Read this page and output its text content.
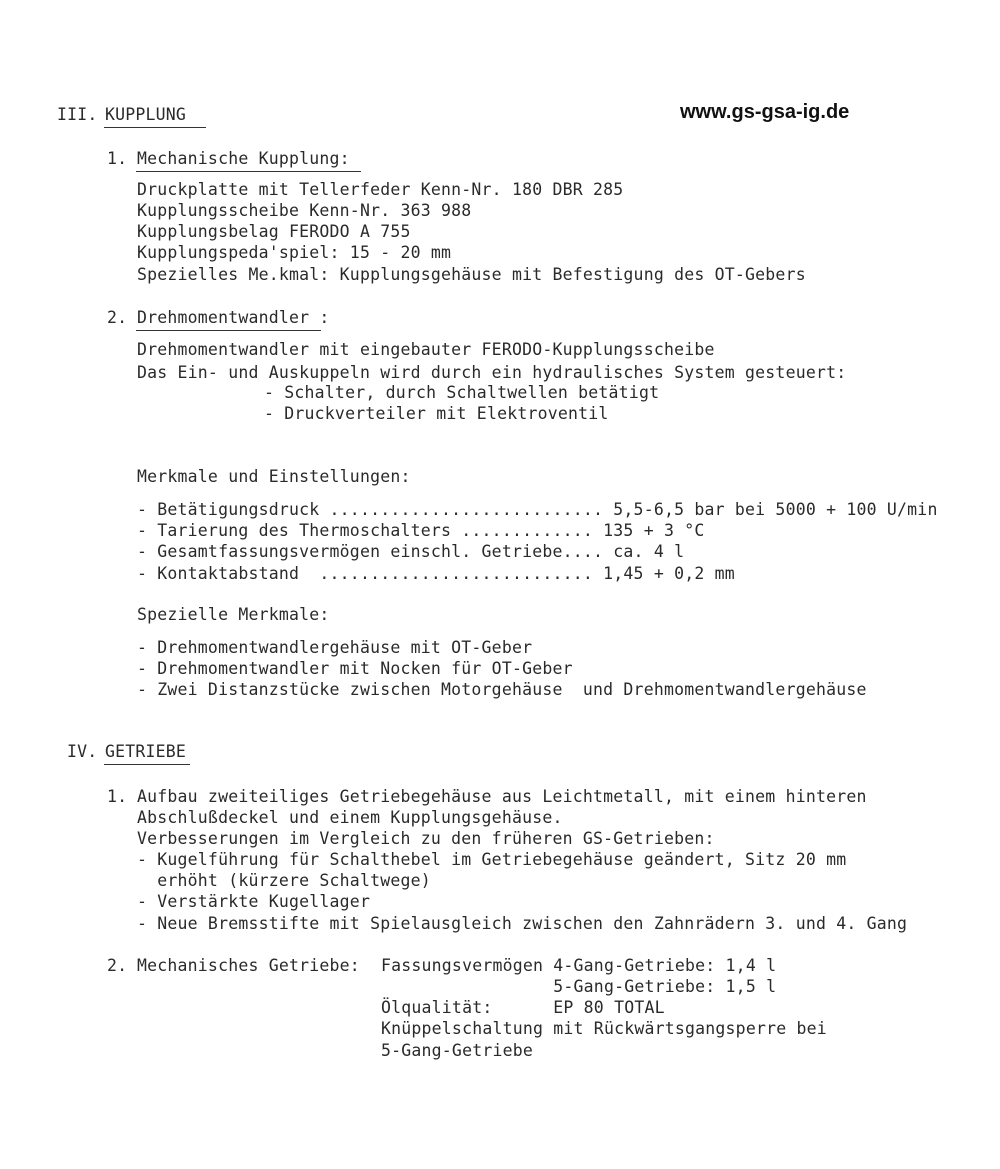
www.gs-gsa-ig.de
III. KUPPLUNG
1. Mechanische Kupplung:
Druckplatte mit Tellerfeder Kenn-Nr. 180 DBR 285
Kupplungsscheibe Kenn-Nr. 363 988
Kupplungsbelag FERODO A 755
Kupplungspeda'spiel: 15 - 20 mm
Spezielles Me.kmal: Kupplungsgehäuse mit Befestigung des OT-Gebers
2. Drehmomentwandler :
Drehmomentwandler mit eingebauter FERODO-Kupplungsscheibe
Das Ein- und Auskuppeln wird durch ein hydraulisches System gesteuert:
- Schalter, durch Schaltwellen betätigt
- Druckverteiler mit Elektroventil
Merkmale und Einstellungen:
- Betätigungsdruck ........................... 5,5-6,5 bar bei 5000 + 100 U/min
- Tarierung des Thermoschalters ............. 135 + 3 °C
- Gesamtfassungsvermögen einschl. Getriebe.... ca. 4 l
- Kontaktabstand  ........................... 1,45 + 0,2 mm
Spezielle Merkmale:
- Drehmomentwandlergehäuse mit OT-Geber
- Drehmomentwandler mit Nocken für OT-Geber
- Zwei Distanzstücke zwischen Motorgehäuse  und Drehmomentwandlergehäuse
IV. GETRIEBE
1. Aufbau zweiteiliges Getriebegehäuse aus Leichtmetall, mit einem hinteren
Abschlußdeckel und einem Kupplungsgehäuse.
Verbesserungen im Vergleich zu den früheren GS-Getrieben:
- Kugelführung für Schalthebel im Getriebegehäuse geändert, Sitz 20 mm
erhöht (kürzere Schaltwege)
- Verstärkte Kugellager
- Neue Bremsstifte mit Spielausgleich zwischen den Zahnrädern 3. und 4. Gang
2. Mechanisches Getriebe: Fassungsvermögen 4-Gang-Getriebe: 1,4 l
5-Gang-Getriebe: 1,5 l
Ölqualität:      EP 80 TOTAL
Knüppelschaltung mit Rückwärtsgangsperre bei
5-Gang-Getriebe
